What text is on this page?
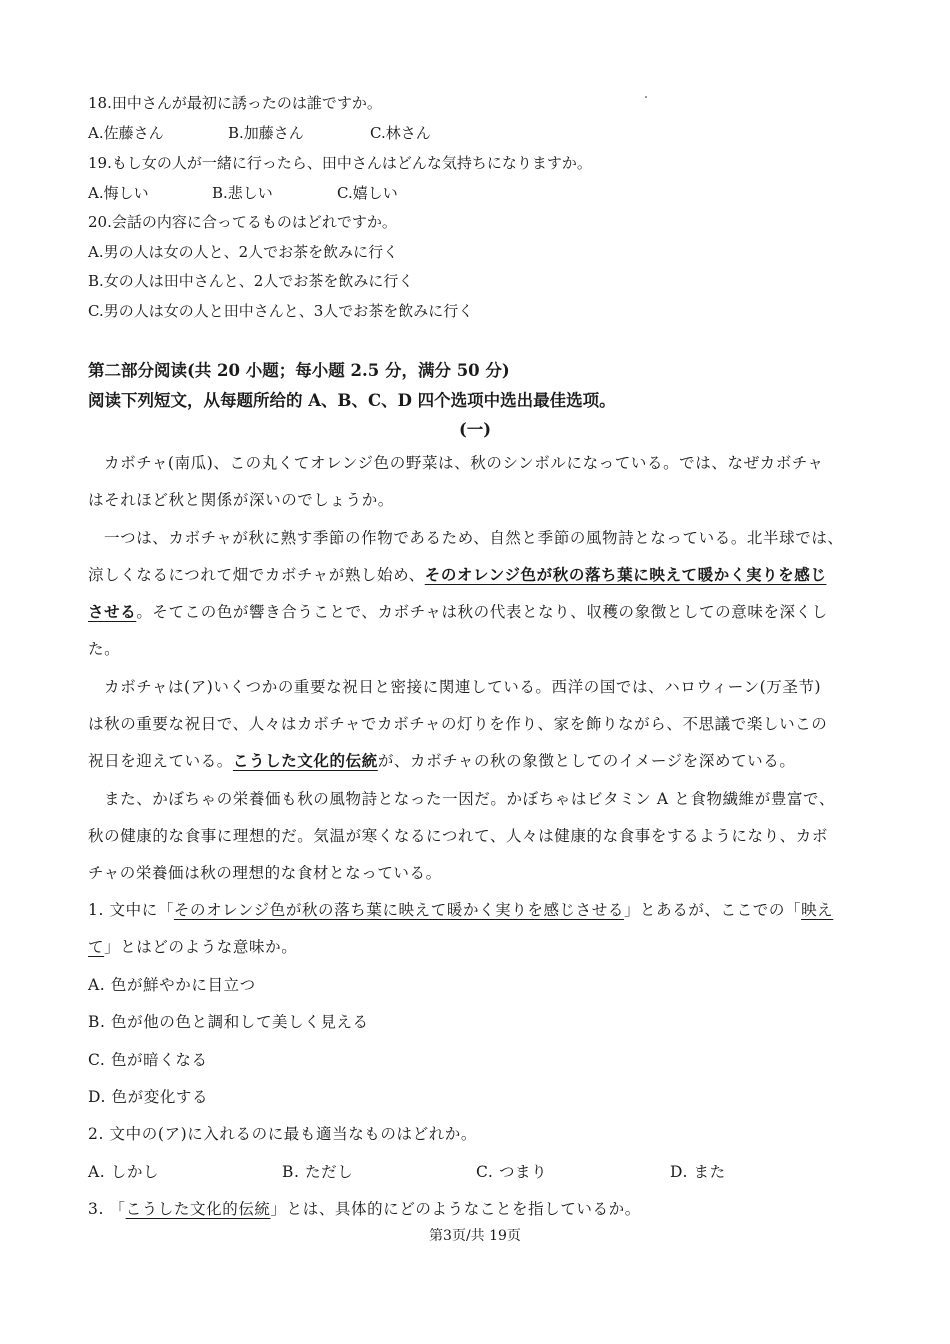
18.田中さんが最初に誘ったのは誰ですか。
A.佐藤さん	B.加藤さん	C.林さん
19.もし女の人が一緒に行ったら、田中さんはどんな気持ちになりますか。
A.悔しい	B.悲しい	C.嬉しい
20.会話の内容に合ってるものはどれですか。
A.男の人は女の人と、2人でお茶を飲みに行く
B.女の人は田中さんと、2人でお茶を飲みに行く
C.男の人は女の人と田中さんと、3人でお茶を飲みに行く
第二部分阅读(共 20 小题；每小题 2.5 分，满分 50 分)
阅读下列短文，从每题所给的 A、B、C、D 四个选项中选出最佳选项。
(一)
カボチャ(南瓜)、この丸くてオレンジ色の野菜は、秋のシンボルになっている。では、なぜカボチャ
はそれほど秋と関係が深いのでしょうか。
一つは、カボチャが秋に熟す季節の作物であるため、自然と季節の風物詩となっている。北半球では、
涼しくなるにつれて畑でカボチャが熟し始め、そのオレンジ色が秋の落ち葉に映えて暖かく実りを感じ
させる。そてこの色が響き合うことで、カボチャは秋の代表となり、収穫の象徴としての意味を深くし
た。
カボチャは(ア)いくつかの重要な祝日と密接に関連している。西洋の国では、ハロウィーン(万圣节)
は秋の重要な祝日で、人々はカボチャでカボチャの灯りを作り、家を飾りながら、不思議で楽しいこの
祝日を迎えている。こうした文化的伝統が、カボチャの秋の象徴としてのイメージを深めている。
また、かぼちゃの栄養価も秋の風物詩となった一因だ。かぼちゃはビタミン A と食物繊維が豊富で、
秋の健康的な食事に理想的だ。気温が寒くなるにつれて、人々は健康的な食事をするようになり、カボ
チャの栄養価は秋の理想的な食材となっている。
1. 文中に「そのオレンジ色が秋の落ち葉に映えて暖かく実りを感じさせる」とあるが、ここでの「映え
て」とはどのような意味か。
A. 色が鮮やかに目立つ
B. 色が他の色と調和して美しく見える
C. 色が暗くなる
D. 色が変化する
2. 文中の(ア)に入れるのに最も適当なものはどれか。
A. しかし	B. ただし	C. つまり	D. また
3. 「こうした文化的伝統」とは、具体的にどのようなことを指しているか。
第3页/共 19页
